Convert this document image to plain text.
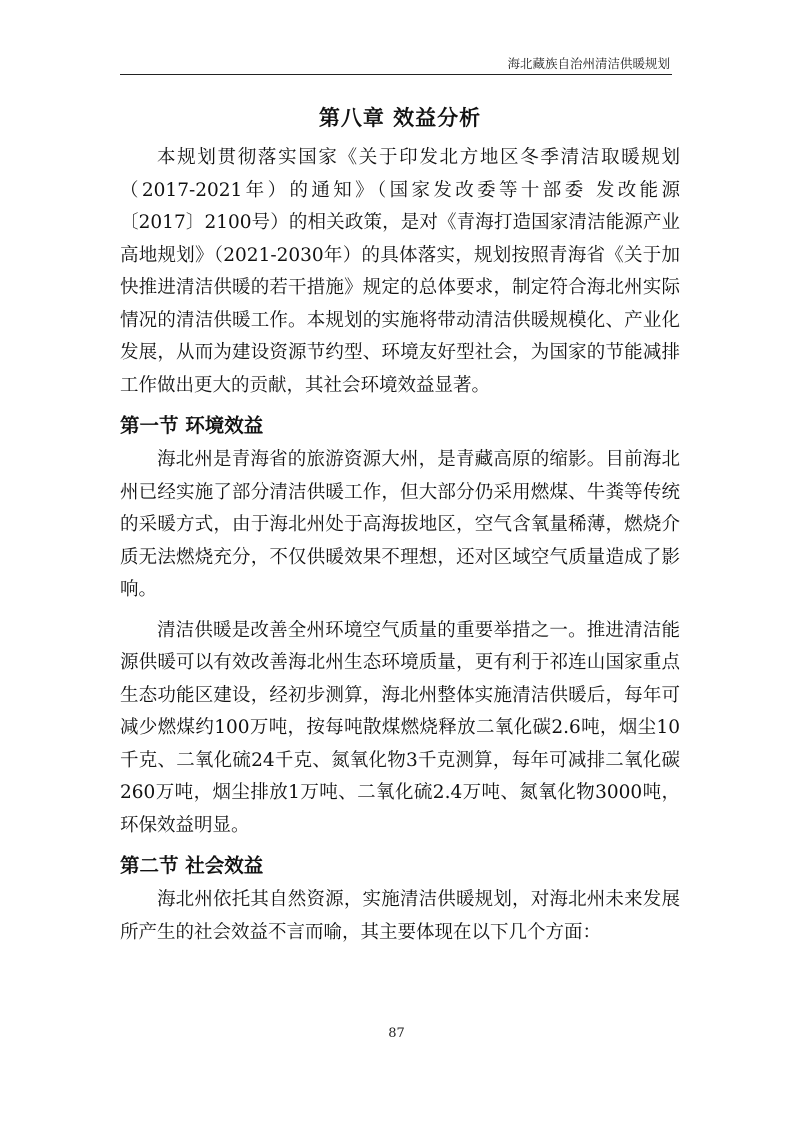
海北藏族自治州清洁供暖规划
第八章 效益分析

本规划贯彻落实国家《关于印发北方地区冬季清洁取暖规划（2017-2021年）的通知》（国家发改委等十部委 发改能源〔2017〕2100号）的相关政策，是对《青海打造国家清洁能源产业高地规划》（2021-2030年）的具体落实，规划按照青海省《关于加快推进清洁供暖的若干措施》规定的总体要求，制定符合海北州实际情况的清洁供暖工作。本规划的实施将带动清洁供暖规模化、产业化发展，从而为建设资源节约型、环境友好型社会，为国家的节能减排工作做出更大的贡献，其社会环境效益显著。

第一节 环境效益

海北州是青海省的旅游资源大州，是青藏高原的缩影。目前海北州已经实施了部分清洁供暖工作，但大部分仍采用燃煤、牛粪等传统的采暖方式，由于海北州处于高海拔地区，空气含氧量稀薄，燃烧介质无法燃烧充分，不仅供暖效果不理想，还对区域空气质量造成了影响。

清洁供暖是改善全州环境空气质量的重要举措之一。推进清洁能源供暖可以有效改善海北州生态环境质量，更有利于祁连山国家重点生态功能区建设，经初步测算，海北州整体实施清洁供暖后，每年可减少燃煤约100万吨，按每吨散煤燃烧释放二氧化碳2.6吨，烟尘10千克、二氧化硫24千克、氮氧化物3千克测算，每年可减排二氧化碳260万吨，烟尘排放1万吨、二氧化硫2.4万吨、氮氧化物3000吨，环保效益明显。

第二节 社会效益

海北州依托其自然资源，实施清洁供暖规划，对海北州未来发展所产生的社会效益不言而喻，其主要体现在以下几个方面：

87
